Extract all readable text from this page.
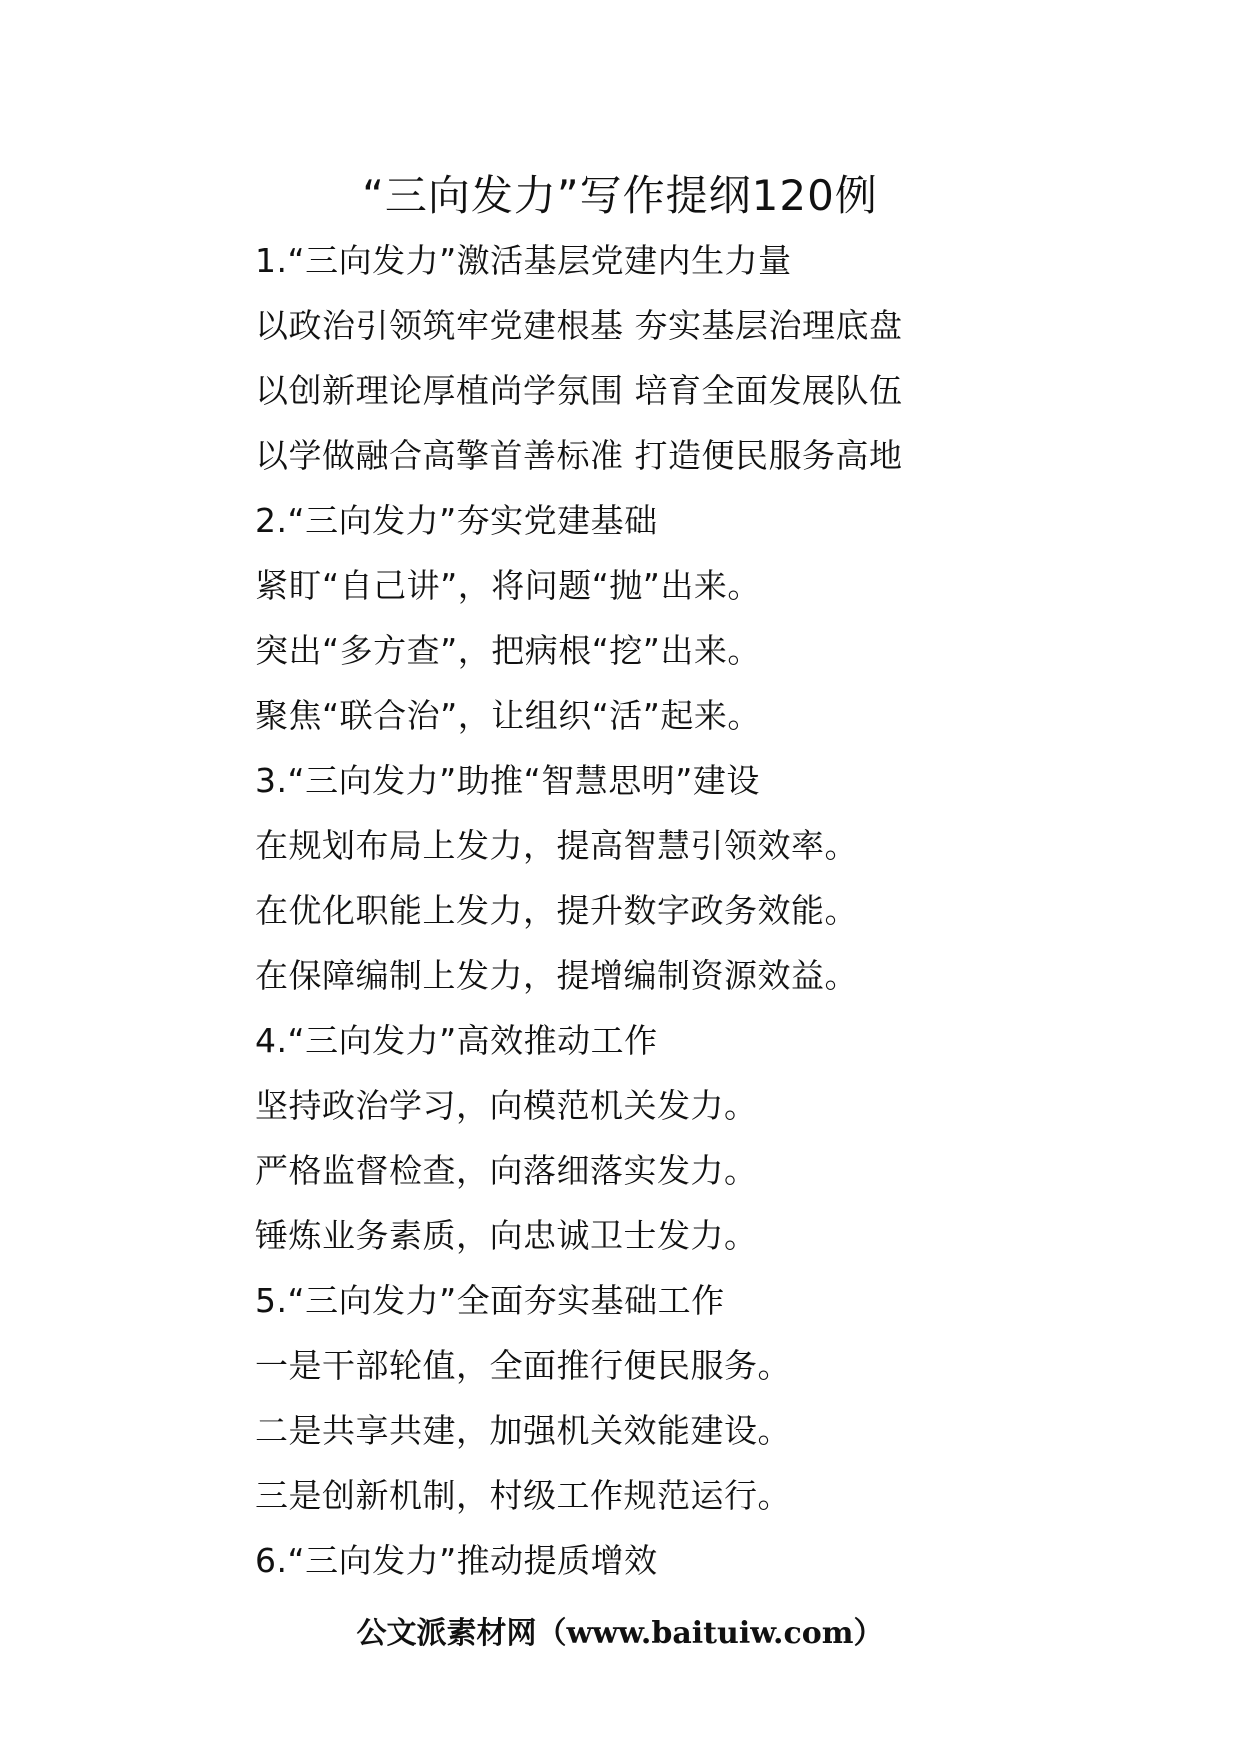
“三向发力”写作提纲120例
1.“三向发力”激活基层党建内生力量
以政治引领筑牢党建根基 夯实基层治理底盘
以创新理论厚植尚学氛围 培育全面发展队伍
以学做融合高擎首善标准 打造便民服务高地
2.“三向发力”夯实党建基础
紧盯“自己讲”，将问题“抛”出来。
突出“多方查”，把病根“挖”出来。
聚焦“联合治”，让组织“活”起来。
3.“三向发力”助推“智慧思明”建设
在规划布局上发力，提高智慧引领效率。
在优化职能上发力，提升数字政务效能。
在保障编制上发力，提增编制资源效益。
4.“三向发力”高效推动工作
坚持政治学习，向模范机关发力。
严格监督检查，向落细落实发力。
锤炼业务素质，向忠诚卫士发力。
5.“三向发力”全面夯实基础工作
一是干部轮值，全面推行便民服务。
二是共享共建，加强机关效能建设。
三是创新机制，村级工作规范运行。
6.“三向发力”推动提质增效
公文派素材网（www.baituiw.com）
